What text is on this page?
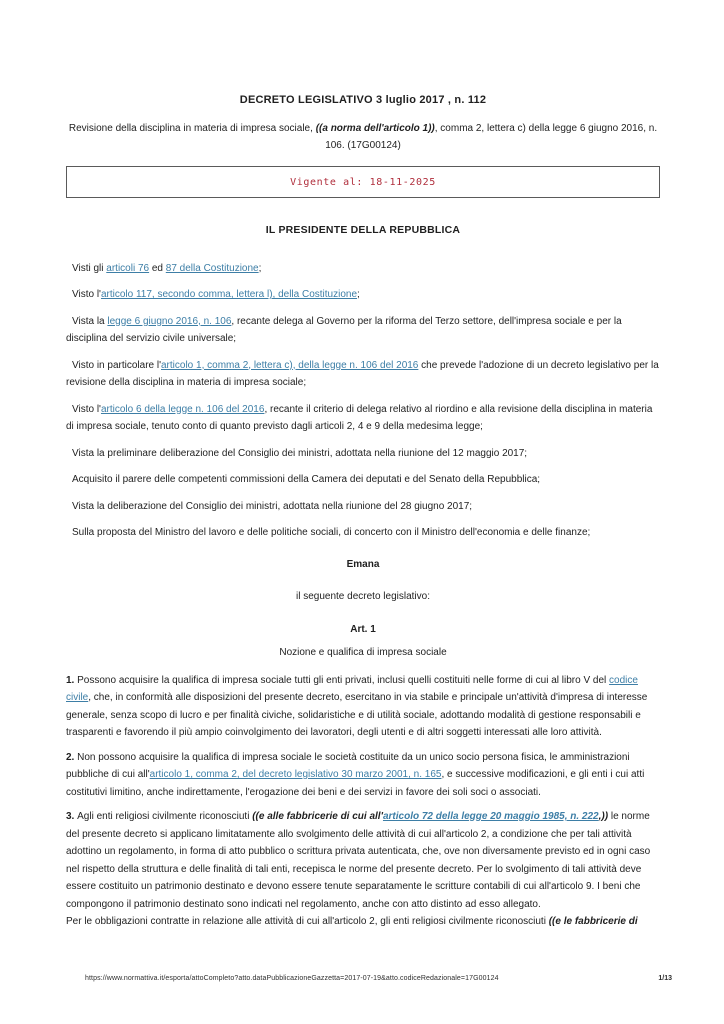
DECRETO LEGISLATIVO 3 luglio 2017 , n. 112
Revisione della disciplina in materia di impresa sociale, ((a norma dell'articolo 1)), comma 2, lettera c) della legge 6 giugno 2016, n. 106. (17G00124)
Vigente al: 18-11-2025
IL PRESIDENTE DELLA REPUBBLICA

Visti gli articoli 76 ed 87 della Costituzione;

Visto l'articolo 117, secondo comma, lettera l), della Costituzione;

Vista la legge 6 giugno 2016, n. 106, recante delega al Governo per la riforma del Terzo settore, dell'impresa sociale e per la disciplina del servizio civile universale;

Visto in particolare l'articolo 1, comma 2, lettera c), della legge n. 106 del 2016 che prevede l'adozione di un decreto legislativo per la revisione della disciplina in materia di impresa sociale;

Visto l'articolo 6 della legge n. 106 del 2016, recante il criterio di delega relativo al riordino e alla revisione della disciplina in materia di impresa sociale, tenuto conto di quanto previsto dagli articoli 2, 4 e 9 della medesima legge;

Vista la preliminare deliberazione del Consiglio dei ministri, adottata nella riunione del 12 maggio 2017;

Acquisito il parere delle competenti commissioni della Camera dei deputati e del Senato della Repubblica;

Vista la deliberazione del Consiglio dei ministri, adottata nella riunione del 28 giugno 2017;

Sulla proposta del Ministro del lavoro e delle politiche sociali, di concerto con il Ministro dell'economia e delle finanze;

Emana
il seguente decreto legislativo:
Art. 1
Nozione e qualifica di impresa sociale

1. Possono acquisire la qualifica di impresa sociale tutti gli enti privati, inclusi quelli costituiti nelle forme di cui al libro V del codice civile, che, in conformità alle disposizioni del presente decreto, esercitano in via stabile e principale un'attività d'impresa di interesse generale, senza scopo di lucro e per finalità civiche, solidaristiche e di utilità sociale, adottando modalità di gestione responsabili e trasparenti e favorendo il più ampio coinvolgimento dei lavoratori, degli utenti e di altri soggetti interessati alle loro attività.

2. Non possono acquisire la qualifica di impresa sociale le società costituite da un unico socio persona fisica, le amministrazioni pubbliche di cui all'articolo 1, comma 2, del decreto legislativo 30 marzo 2001, n. 165, e successive modificazioni, e gli enti i cui atti costitutivi limitino, anche indirettamente, l'erogazione dei beni e dei servizi in favore dei soli soci o associati.

3. Agli enti religiosi civilmente riconosciuti ((e alle fabbricerie di cui all'articolo 72 della legge 20 maggio 1985, n. 222,)) le norme del presente decreto si applicano limitatamente allo svolgimento delle attività di cui all'articolo 2, a condizione che per tali attività adottino un regolamento, in forma di atto pubblico o scrittura privata autenticata, che, ove non diversamente previsto ed in ogni caso nel rispetto della struttura e delle finalità di tali enti, recepisca le norme del presente decreto. Per lo svolgimento di tali attività deve essere costituito un patrimonio destinato e devono essere tenute separatamente le scritture contabili di cui all'articolo 9. I beni che compongono il patrimonio destinato sono indicati nel regolamento, anche con atto distinto ad esso allegato.

Per le obbligazioni contratte in relazione alle attività di cui all'articolo 2, gli enti religiosi civilmente riconosciuti ((e le fabbricerie di

https://www.normattiva.it/esporta/attoCompleto?atto.dataPubblicazioneGazzetta=2017-07-19&atto.codiceRedazionale=17G00124	1/13
